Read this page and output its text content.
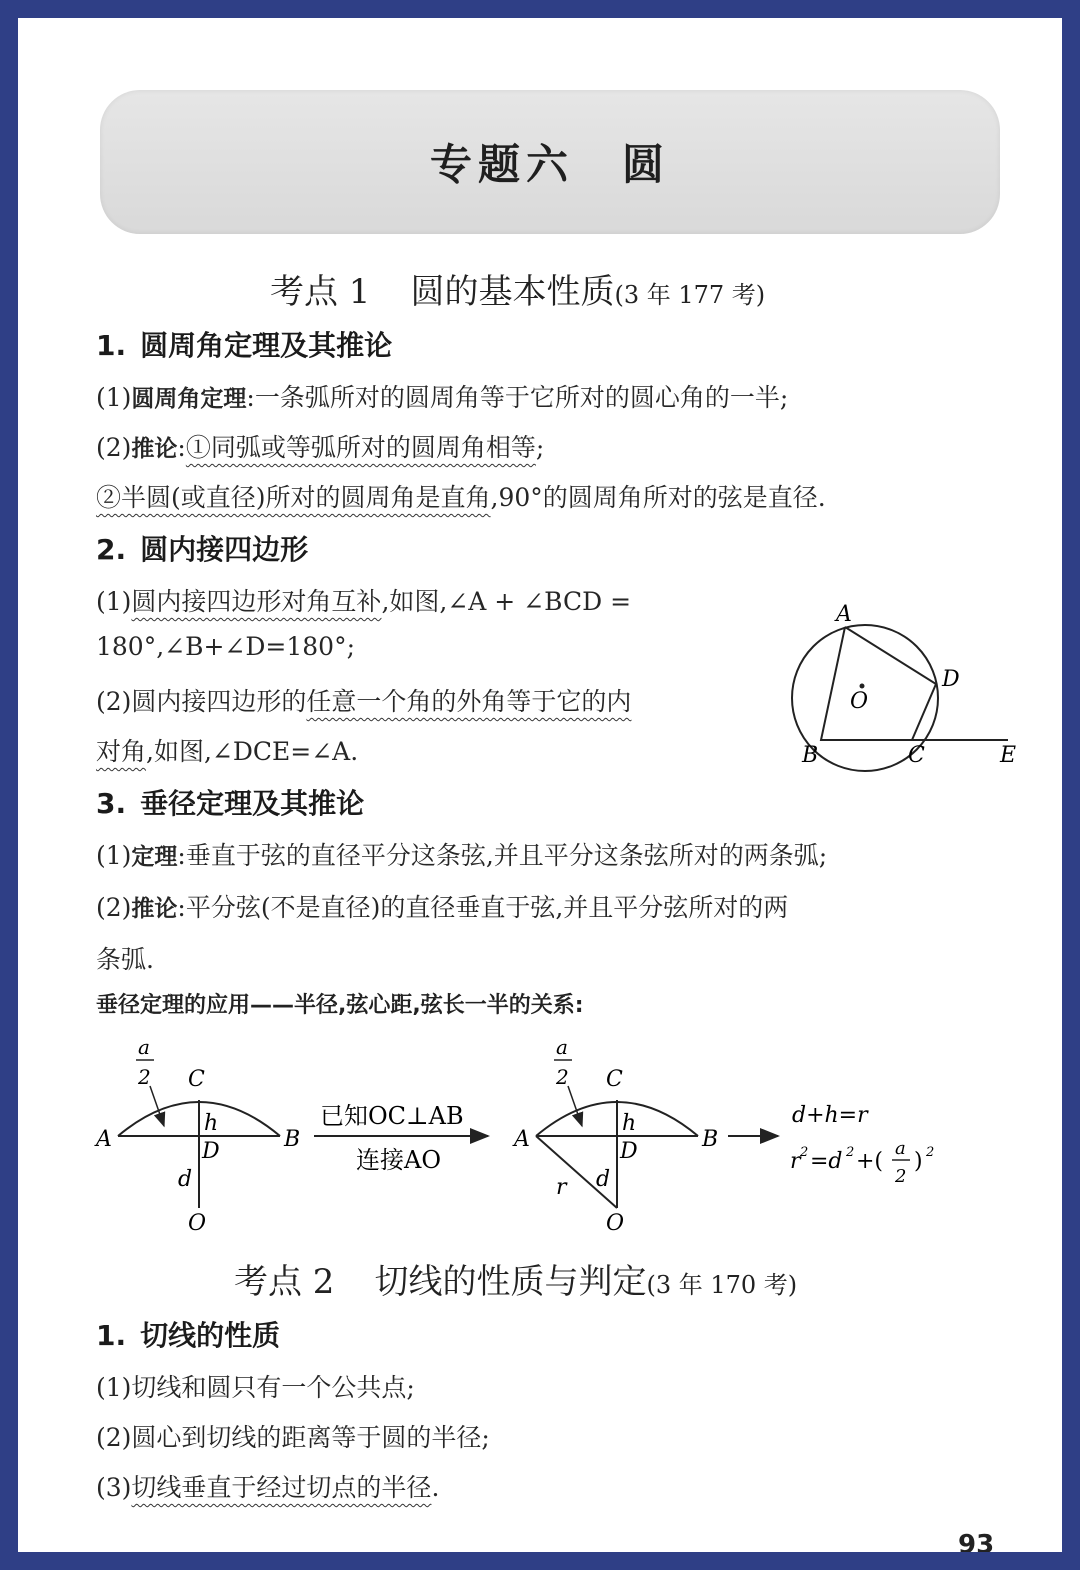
专题六　圆
考点 1 圆的基本性质(3 年 177 考)
1. 圆周角定理及其推论
(1)圆周角定理:一条弧所对的圆周角等于它所对的圆心角的一半;
(2)推论:①同弧或等弧所对的圆周角相等;
②半圆(或直径)所对的圆周角是直角,90°的圆周角所对的弦是直径.
2. 圆内接四边形
(1)圆内接四边形对角互补,如图,∠A + ∠BCD =
180°,∠B+∠D=180°;
(2)圆内接四边形的任意一个角的外角等于它的内
对角,如图,∠DCE=∠A.
A
B	C
D
E
O
3. 垂径定理及其推论
(1)定理:垂直于弦的直径平分这条弦,并且平分这条弦所对的两条弧;
(2)推论:平分弦(不是直径)的直径垂直于弦,并且平分弦所对的两
条弧.
垂径定理的应用——半径,弦心距,弦长一半的关系:
a
2 C
h
A	B
D
d
O
已知OC⊥AB
连接AO
a
2 C
h
A	B
D
d
r
O
d+h=r
r 2 =d 2 +(
a
2
) 2
考点 2 切线的性质与判定(3 年 170 考)
1. 切线的性质
(1)切线和圆只有一个公共点;
(2)圆心到切线的距离等于圆的半径;
(3)切线垂直于经过切点的半径.
93
